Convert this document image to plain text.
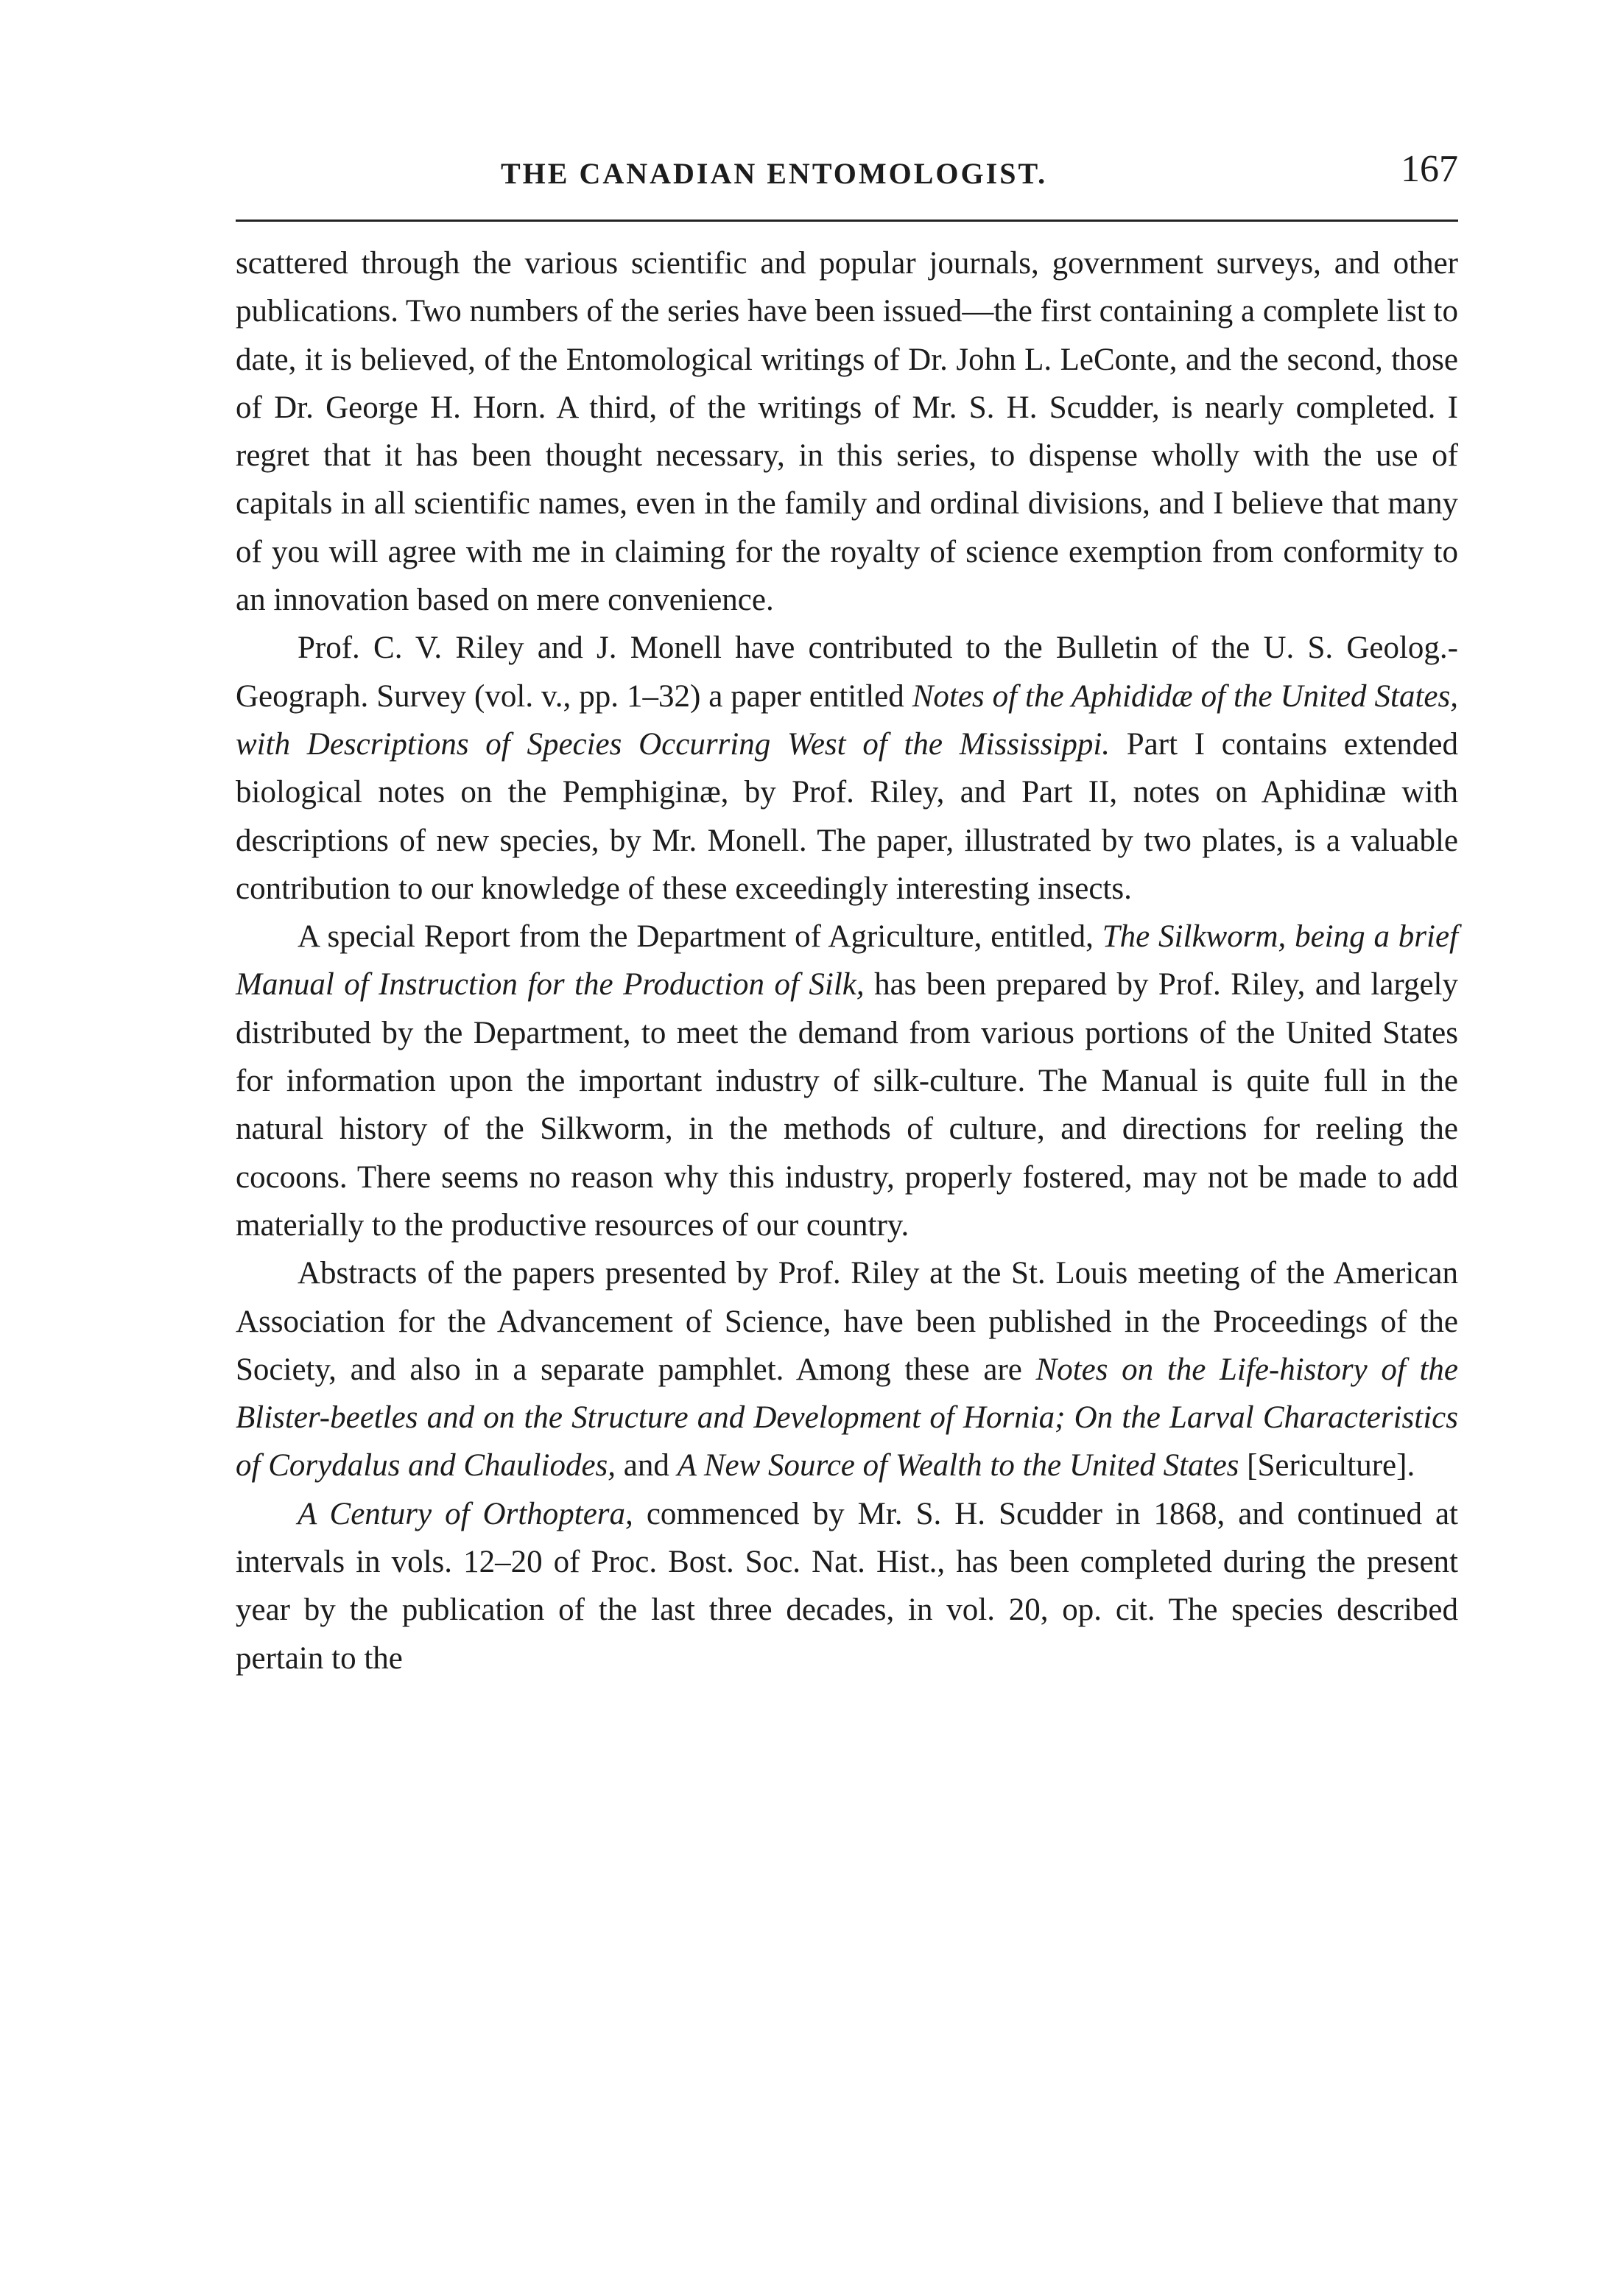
THE CANADIAN ENTOMOLOGIST.	167

scattered through the various scientific and popular journals, government surveys, and other publications. Two numbers of the series have been issued—the first containing a complete list to date, it is believed, of the Entomological writings of Dr. John L. LeConte, and the second, those of Dr. George H. Horn. A third, of the writings of Mr. S. H. Scudder, is nearly completed. I regret that it has been thought necessary, in this series, to dispense wholly with the use of capitals in all scientific names, even in the family and ordinal divisions, and I believe that many of you will agree with me in claiming for the royalty of science exemption from conformity to an innovation based on mere convenience.

Prof. C. V. Riley and J. Monell have contributed to the Bulletin of the U. S. Geolog.-Geograph. Survey (vol. v., pp. 1–32) a paper entitled Notes of the Aphididæ of the United States, with Descriptions of Species Occurring West of the Mississippi. Part I contains extended biological notes on the Pemphiginæ, by Prof. Riley, and Part II, notes on Aphidinæ with descriptions of new species, by Mr. Monell. The paper, illustrated by two plates, is a valuable contribution to our knowledge of these exceedingly interesting insects.

A special Report from the Department of Agriculture, entitled, The Silkworm, being a brief Manual of Instruction for the Production of Silk, has been prepared by Prof. Riley, and largely distributed by the Department, to meet the demand from various portions of the United States for information upon the important industry of silk-culture. The Manual is quite full in the natural history of the Silkworm, in the methods of culture, and directions for reeling the cocoons. There seems no reason why this industry, properly fostered, may not be made to add materially to the productive resources of our country.

Abstracts of the papers presented by Prof. Riley at the St. Louis meeting of the American Association for the Advancement of Science, have been published in the Proceedings of the Society, and also in a separate pamphlet. Among these are Notes on the Life-history of the Blister-beetles and on the Structure and Development of Hornia; On the Larval Characteristics of Corydalus and Chauliodes, and A New Source of Wealth to the United States [Sericulture].

A Century of Orthoptera, commenced by Mr. S. H. Scudder in 1868, and continued at intervals in vols. 12–20 of Proc. Bost. Soc. Nat. Hist., has been completed during the present year by the publication of the last three decades, in vol. 20, op. cit. The species described pertain to the
